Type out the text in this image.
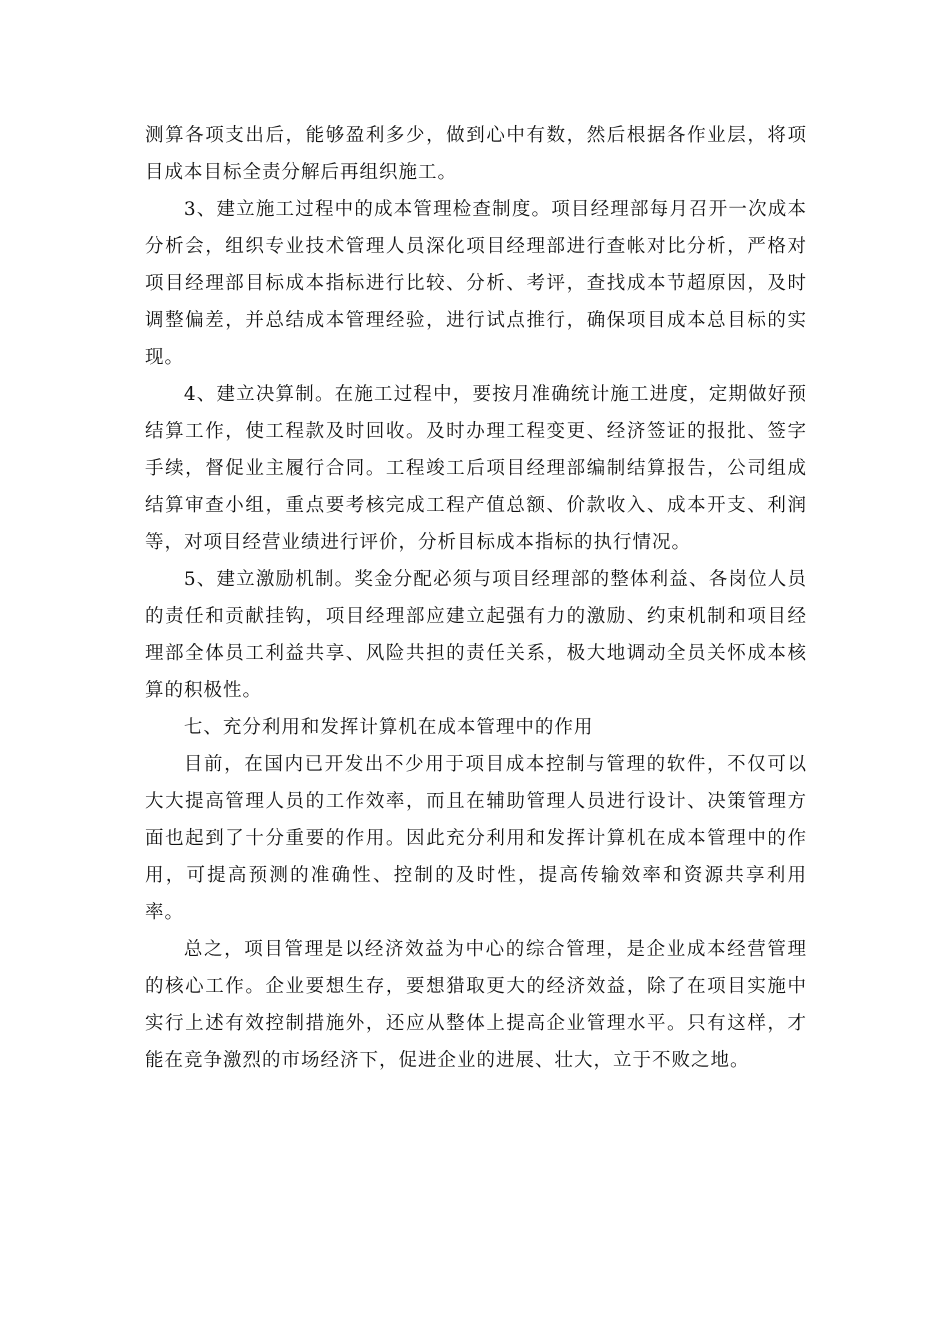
测算各项支出后，能够盈利多少，做到心中有数，然后根据各作业层，将项目成本目标全责分解后再组织施工。

3、建立施工过程中的成本管理检查制度。项目经理部每月召开一次成本分析会，组织专业技术管理人员深化项目经理部进行查帐对比分析，严格对项目经理部目标成本指标进行比较、分析、考评，查找成本节超原因，及时调整偏差，并总结成本管理经验，进行试点推行，确保项目成本总目标的实现。

4、建立决算制。在施工过程中，要按月准确统计施工进度，定期做好预结算工作，使工程款及时回收。及时办理工程变更、经济签证的报批、签字手续，督促业主履行合同。工程竣工后项目经理部编制结算报告，公司组成结算审查小组，重点要考核完成工程产值总额、价款收入、成本开支、利润等，对项目经营业绩进行评价，分析目标成本指标的执行情况。

5、建立激励机制。奖金分配必须与项目经理部的整体利益、各岗位人员的责任和贡献挂钩，项目经理部应建立起强有力的激励、约束机制和项目经理部全体员工利益共享、风险共担的责任关系，极大地调动全员关怀成本核算的积极性。

七、充分利用和发挥计算机在成本管理中的作用

目前，在国内已开发出不少用于项目成本控制与管理的软件，不仅可以大大提高管理人员的工作效率，而且在辅助管理人员进行设计、决策管理方面也起到了十分重要的作用。因此充分利用和发挥计算机在成本管理中的作用，可提高预测的准确性、控制的及时性，提高传输效率和资源共享利用率。

总之，项目管理是以经济效益为中心的综合管理，是企业成本经营管理的核心工作。企业要想生存，要想猎取更大的经济效益，除了在项目实施中实行上述有效控制措施外，还应从整体上提高企业管理水平。只有这样，才能在竞争激烈的市场经济下，促进企业的进展、壮大，立于不败之地。
